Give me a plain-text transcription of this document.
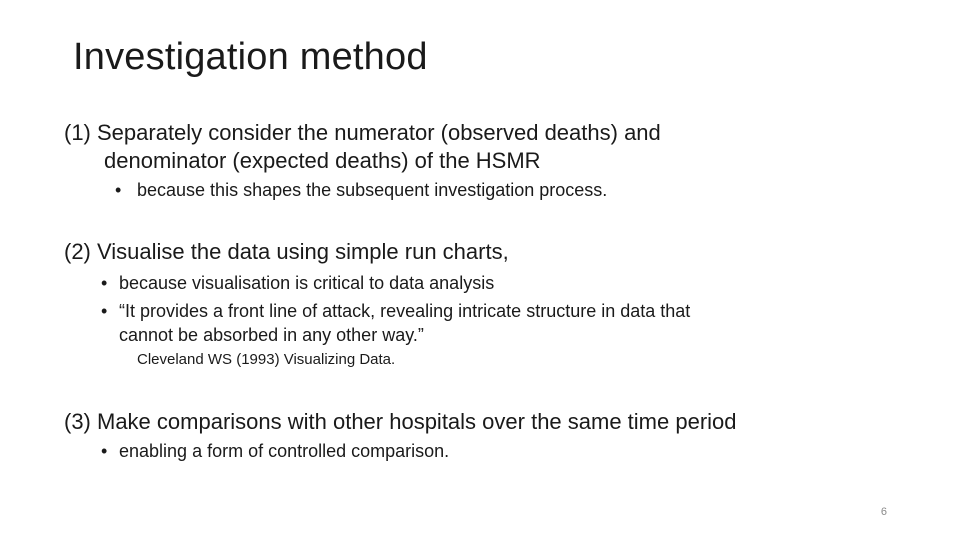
Investigation method
(1) Separately consider the numerator (observed deaths) and
denominator (expected deaths) of the HSMR
• because this shapes the subsequent investigation process.
(2) Visualise the data using simple run charts,
• because visualisation is critical to data analysis
• “It provides a front line of attack, revealing intricate structure in data that
cannot be absorbed in any other way.”
Cleveland WS (1993) Visualizing Data.
(3) Make comparisons with other hospitals over the same time period
• enabling a form of controlled comparison.
6
